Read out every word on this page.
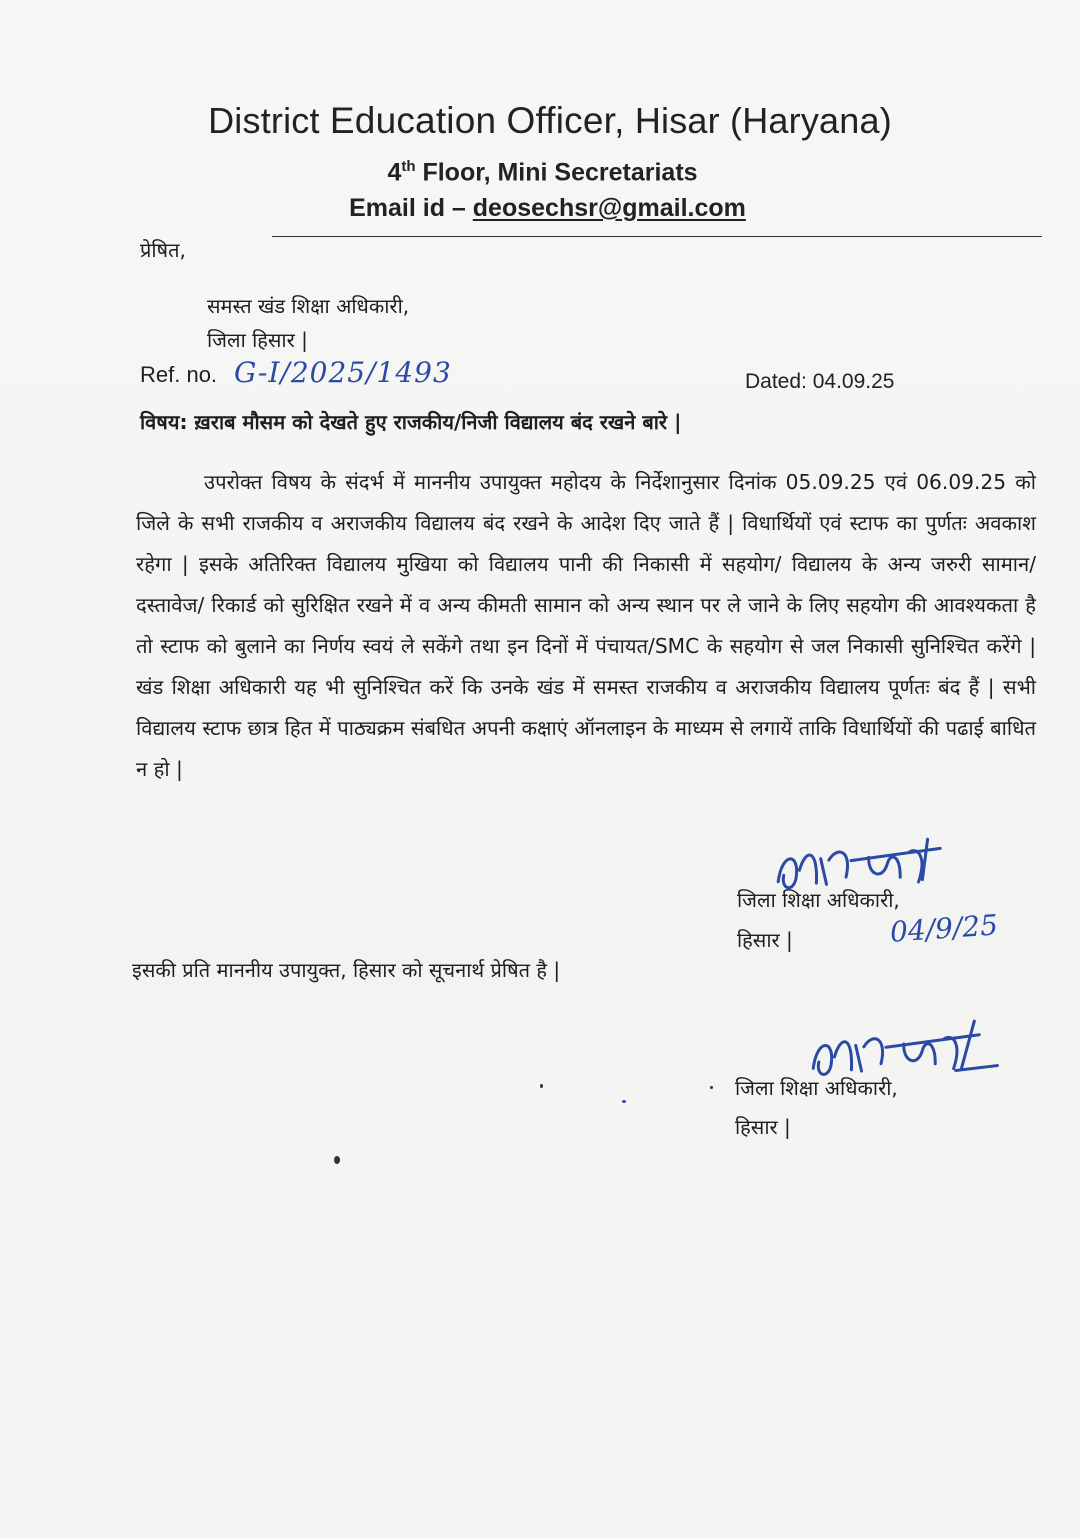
District Education Officer, Hisar (Haryana)
4th Floor, Mini Secretariats
Email id – deosechsr@gmail.com
प्रेषित,
समस्त खंड शिक्षा अधिकारी,
जिला हिसार |
Ref. no. G-I/2025/1493	Dated: 04.09.25
विषय: ख़राब मौसम को देखते हुए राजकीय/निजी विद्यालय बंद रखने बारे |
उपरोक्त विषय के संदर्भ में माननीय उपायुक्त महोदय के निर्देशानुसार दिनांक 05.09.25 एवं 06.09.25 को जिले के सभी राजकीय व अराजकीय विद्यालय बंद रखने के आदेश दिए जाते हैं | विधार्थियों एवं स्टाफ का पुर्णतः अवकाश रहेगा | इसके अतिरिक्त विद्यालय मुखिया को विद्यालय पानी की निकासी में सहयोग/ विद्यालय के अन्य जरुरी सामान/ दस्तावेज/ रिकार्ड को सुरिक्षित रखने में व अन्य कीमती सामान को अन्य स्थान पर ले जाने के लिए सहयोग की आवश्यकता है तो स्टाफ को बुलाने का निर्णय स्वयं ले सकेंगे तथा इन दिनों में पंचायत/SMC के सहयोग से जल निकासी सुनिश्चित करेंगे |खंड शिक्षा अधिकारी यह भी सुनिश्चित करें कि उनके खंड में समस्त राजकीय व अराजकीय विद्यालय पूर्णतः बंद हैं | सभी विद्यालय स्टाफ छात्र हित में पाठ्यक्रम संबधित अपनी कक्षाएं ऑनलाइन के माध्यम से लगायें ताकि विधार्थियों की पढाई बाधित न हो |
जिला शिक्षा अधिकारी,
हिसार |	04/9/25
इसकी प्रति माननीय उपायुक्त, हिसार को सूचनार्थ प्रेषित है |
जिला शिक्षा अधिकारी,
हिसार |
